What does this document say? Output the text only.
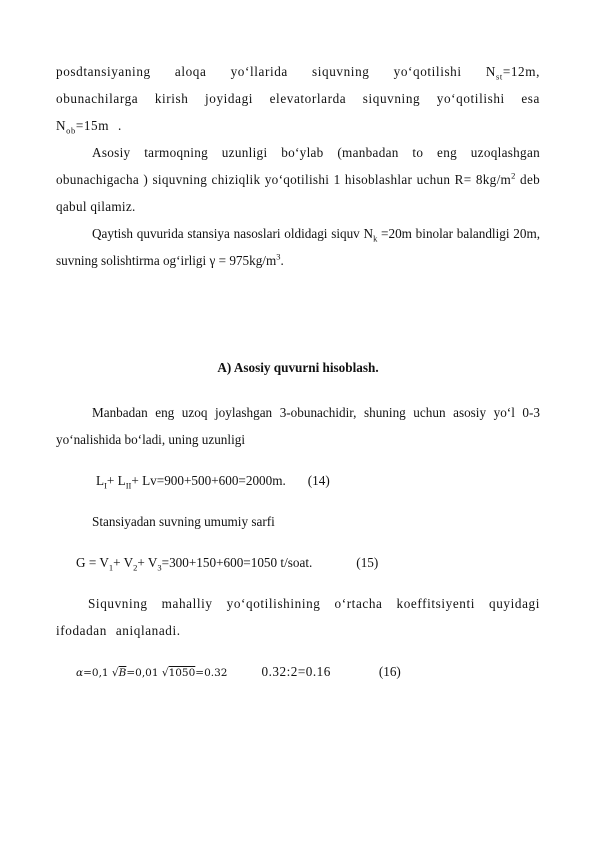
posdtansiyaning aloqa yo‘llarida siquvning yo‘qotilishi $N_{st}=12m$, obunachilarga kirish joyidagi elevatorlarda siquvning yo‘qotilishi esa $N_{ob}=15m$ .

Asosiy tarmoqning uzunligi bo‘ylab (manbadan to eng uzoqlashgan obunachigacha ) siquvning chiziqlik yo‘qotilishi 1 hisoblashlar uchun $R= 8kg/m^2$ deb qabul qilamiz.

Qaytish quvurida stansiya nasoslari oldidagi siquv $N_k =20m$ binolar balandligi 20m, suvning solishtirma og‘irligi $\gamma = 975kg/m^3$.

A) Asosiy quvurni hisoblash.

Manbadan eng uzoq joylashgan 3-obunachidir, shuning uchun asosiy yo‘l 0-3 yo‘nalishida bo‘ladi, uning uzunligi

$L_I+ L_{II}+ Lv=900+500+600=2000m$. (14)

Stansiyadan suvning umumiy sarfi

$G = V_1+ V_2+ V_3=300+150+600=1050$ t/soat.	(15)

Siquvning mahalliy yo‘qotilishining o‘rtacha koeffitsiyenti quyidagi ifodadan aniqlanadi.

α=0,1 √B=0,01 √1050=0.32	0.32:2=0.16	(16)
